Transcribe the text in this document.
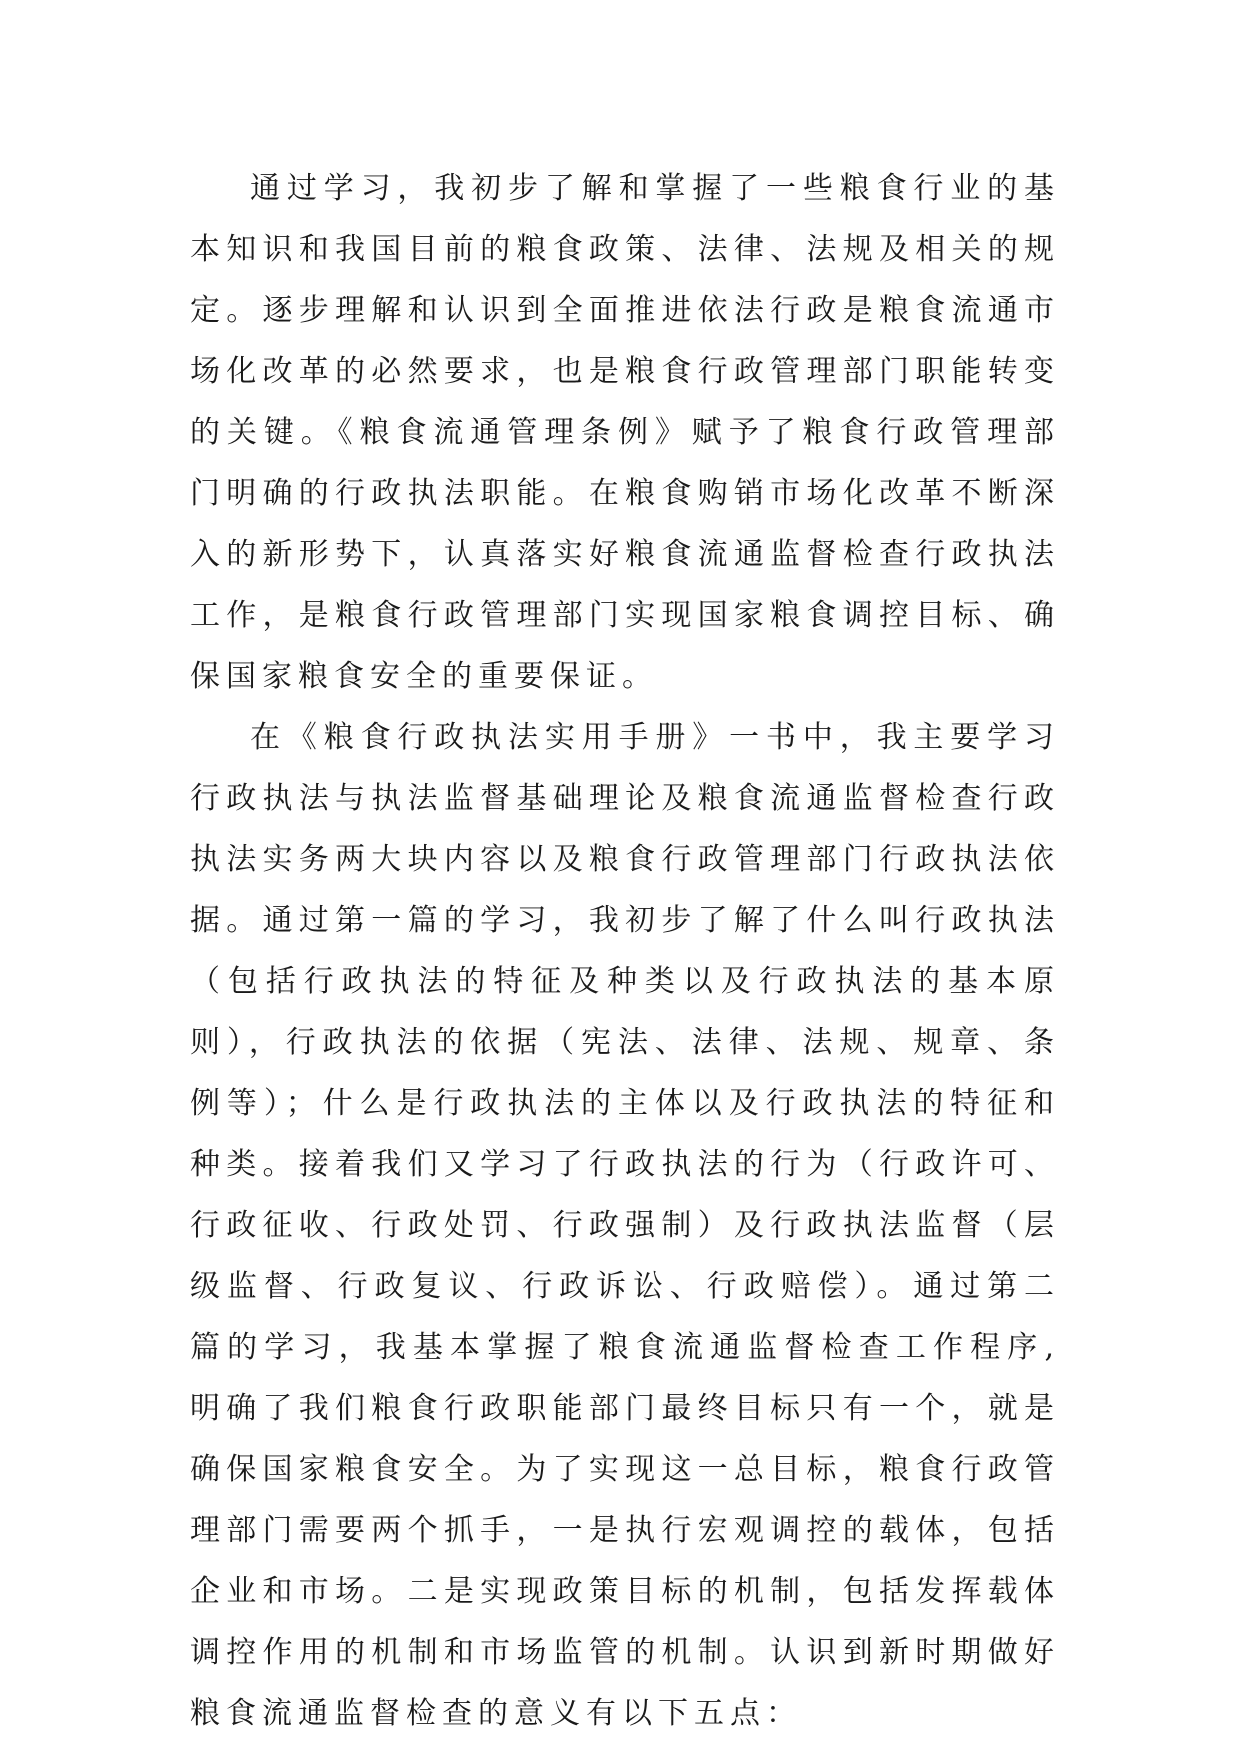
通过学习，我初步了解和掌握了一些粮食行业的基本知识和我国目前的粮食政策、法律、法规及相关的规定。逐步理解和认识到全面推进依法行政是粮食流通市场化改革的必然要求，也是粮食行政管理部门职能转变的关键。《粮食流通管理条例》赋予了粮食行政管理部门明确的行政执法职能。在粮食购销市场化改革不断深入的新形势下，认真落实好粮食流通监督检查行政执法工作，是粮食行政管理部门实现国家粮食调控目标、确保国家粮食安全的重要保证。

在《粮食行政执法实用手册》一书中，我主要学习行政执法与执法监督基础理论及粮食流通监督检查行政执法实务两大块内容以及粮食行政管理部门行政执法依据。通过第一篇的学习，我初步了解了什么叫行政执法（包括行政执法的特征及种类以及行政执法的基本原则），行政执法的依据（宪法、法律、法规、规章、条例等）；什么是行政执法的主体以及行政执法的特征和种类。接着我们又学习了行政执法的行为（行政许可、行政征收、行政处罚、行政强制）及行政执法监督（层级监督、行政复议、行政诉讼、行政赔偿）。通过第二篇的学习，我基本掌握了粮食流通监督检查工作程序,明确了我们粮食行政职能部门最终目标只有一个，就是确保国家粮食安全。为了实现这一总目标，粮食行政管理部门需要两个抓手，一是执行宏观调控的载体，包括企业和市场。二是实现政策目标的机制，包括发挥载体调控作用的机制和市场监管的机制。认识到新时期做好粮食流通监督检查的意义有以下五点：
